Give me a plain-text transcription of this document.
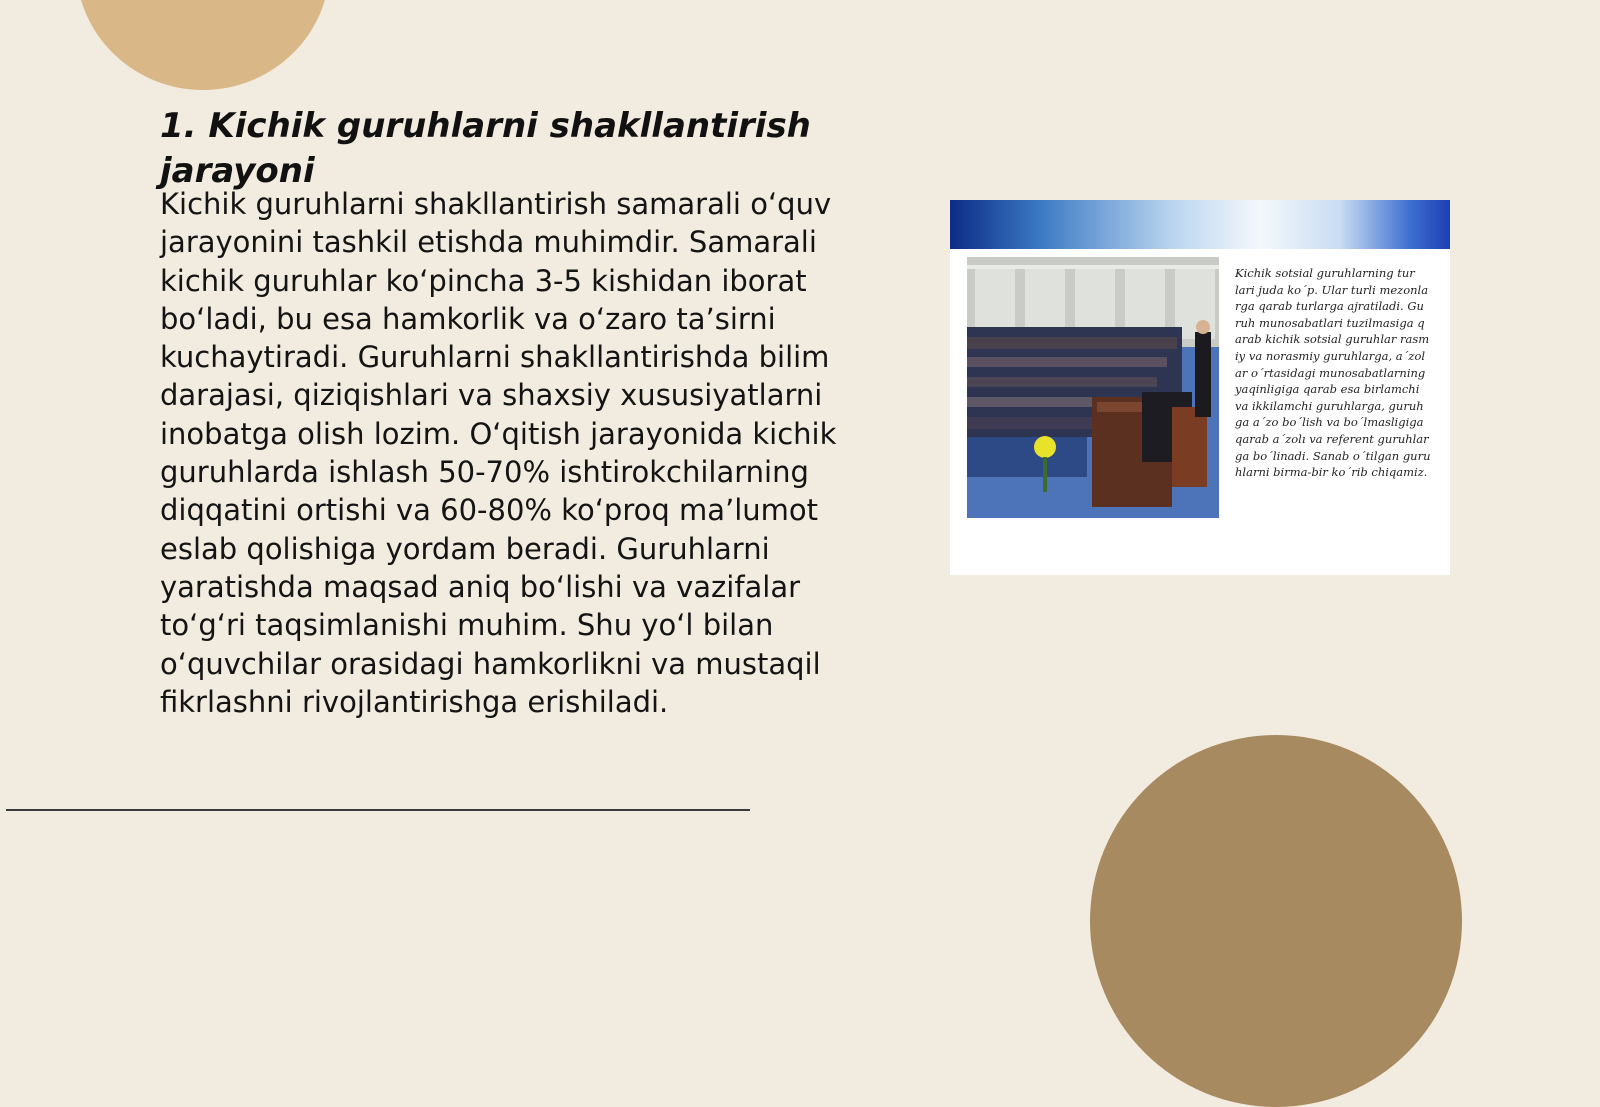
1. Kichik guruhlarni shakllantirish jarayoni

Kichik guruhlarni shakllantirish samarali o‘quv jarayonini tashkil etishda muhimdir. Samarali kichik guruhlar ko‘pincha 3-5 kishidan iborat bo‘ladi, bu esa hamkorlik va o‘zaro ta’sirni kuchaytiradi. Guruhlarni shakllantirishda bilim darajasi, qiziqishlari va shaxsiy xususiyatlarni inobatga olish lozim. O‘qitish jarayonida kichik guruhlarda ishlash 50-70% ishtirokchilarning diqqatini ortishi va 60-80% ko‘proq ma’lumot eslab qolishiga yordam beradi. Guruhlarni yaratishda maqsad aniq bo‘lishi va vazifalar to‘g‘ri taqsimlanishi muhim. Shu yo‘l bilan o‘quvchilar orasidagi hamkorlikni va mustaqil fikrlashni rivojlantirishga erishiladi.

Kichik sotsial guruhlarning tur
lari juda ko´p. Ular turli mezonla
rga qarab turlarga ajratiladi. Gu
ruh munosabatlari tuzilmasiga q
arab kichik sotsial guruhlar rasm
iy va norasmiy guruhlarga, a´zol
ar o´rtasidagi munosabatlarning
yaqinligiga qarab esa birlamchi
va ikkilamchi guruhlarga, guruh
ga a´zo bo´lish va bo´lmasligiga
qarab a´zolı va referent guruhlar
ga bo´linadi. Sanab o´tilgan guru
hlarni birma-bir ko´rib chiqamiz.
